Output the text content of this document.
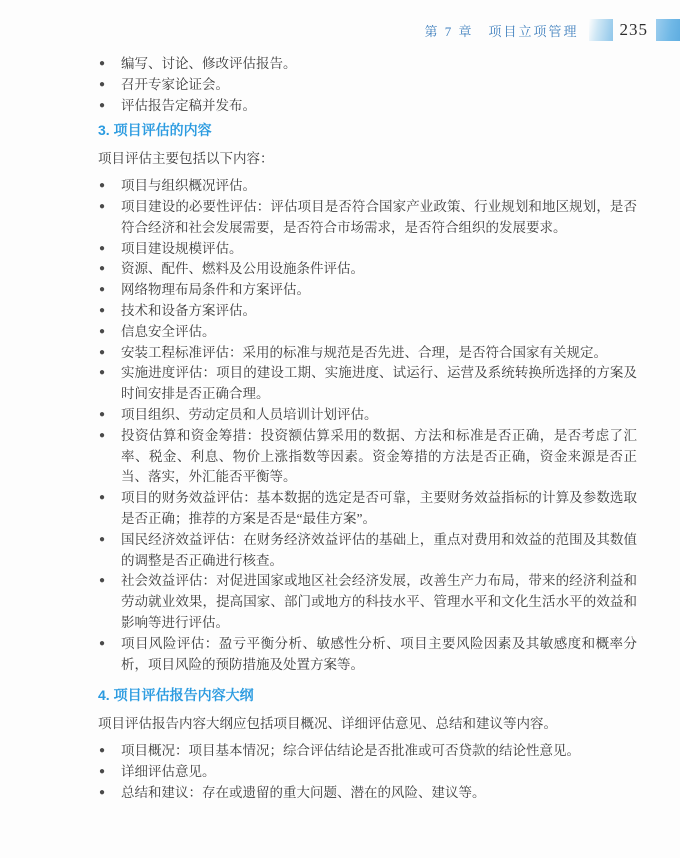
第 7 章　项目立项管理 235
● 编写、讨论、修改评估报告。
● 召开专家论证会。
● 评估报告定稿并发布。
3. 项目评估的内容

项目评估主要包括以下内容：

● 项目与组织概况评估。
● 项目建设的必要性评估：评估项目是否符合国家产业政策、行业规划和地区规划，是否符合经济和社会发展需要，是否符合市场需求，是否符合组织的发展要求。
● 项目建设规模评估。
● 资源、配件、燃料及公用设施条件评估。
● 网络物理布局条件和方案评估。
● 技术和设备方案评估。
● 信息安全评估。
● 安装工程标准评估：采用的标准与规范是否先进、合理，是否符合国家有关规定。
● 实施进度评估：项目的建设工期、实施进度、试运行、运营及系统转换所选择的方案及时间安排是否正确合理。
● 项目组织、劳动定员和人员培训计划评估。
● 投资估算和资金筹措：投资额估算采用的数据、方法和标准是否正确，是否考虑了汇率、税金、利息、物价上涨指数等因素。资金筹措的方法是否正确，资金来源是否正当、落实，外汇能否平衡等。
● 项目的财务效益评估：基本数据的选定是否可靠，主要财务效益指标的计算及参数选取是否正确；推荐的方案是否是“最佳方案”。
● 国民经济效益评估：在财务经济效益评估的基础上，重点对费用和效益的范围及其数值的调整是否正确进行核查。
● 社会效益评估：对促进国家或地区社会经济发展，改善生产力布局，带来的经济利益和劳动就业效果，提高国家、部门或地方的科技水平、管理水平和文化生活水平的效益和影响等进行评估。
● 项目风险评估：盈亏平衡分析、敏感性分析、项目主要风险因素及其敏感度和概率分析，项目风险的预防措施及处置方案等。
4. 项目评估报告内容大纲

项目评估报告内容大纲应包括项目概况、详细评估意见、总结和建议等内容。

● 项目概况：项目基本情况；综合评估结论是否批准或可否贷款的结论性意见。
● 详细评估意见。
● 总结和建议：存在或遗留的重大问题、潜在的风险、建议等。
